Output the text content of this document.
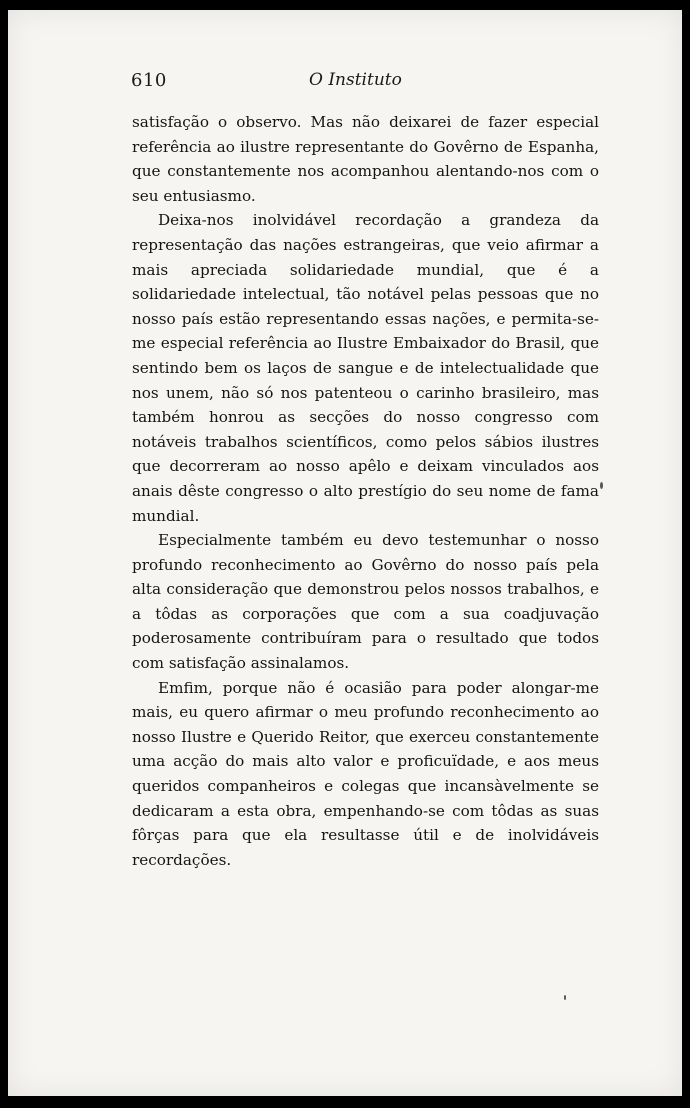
610	O Instituto

satisfação o observo. Mas não deixarei de fazer especial referência ao ilustre representante do Govêrno de Espanha, que constantemente nos acompanhou alentando-nos com o seu entusiasmo.

Deixa-nos inolvidável recordação a grandeza da representação das nações estrangeiras, que veio afirmar a mais apreciada solidariedade mundial, que é a solidariedade intelectual, tão notável pelas pessoas que no nosso país estão representando essas nações, e permita-se-me especial referência ao Ilustre Embaixador do Brasil, que sentindo bem os laços de sangue e de intelectualidade que nos unem, não só nos patenteou o carinho brasileiro, mas também honrou as secções do nosso congresso com notáveis trabalhos scientíficos, como pelos sábios ilustres que decorreram ao nosso apêlo e deixam vinculados aos anais dêste congresso o alto prestígio do seu nome de fama mundial.

Especialmente também eu devo testemunhar o nosso profundo reconhecimento ao Govêrno do nosso país pela alta consideração que demonstrou pelos nossos trabalhos, e a tôdas as corporações que com a sua coadjuvação poderosamente contribuíram para o resultado que todos com satisfação assinalamos.

Emfim, porque não é ocasião para poder alongar-me mais, eu quero afirmar o meu profundo reconhecimento ao nosso Ilustre e Querido Reitor, que exerceu constantemente uma acção do mais alto valor e proficuïdade, e aos meus queridos companheiros e colegas que incansàvelmente se dedicaram a esta obra, empenhando-se com tôdas as suas fôrças para que ela resultasse útil e de inolvidáveis recordações.
